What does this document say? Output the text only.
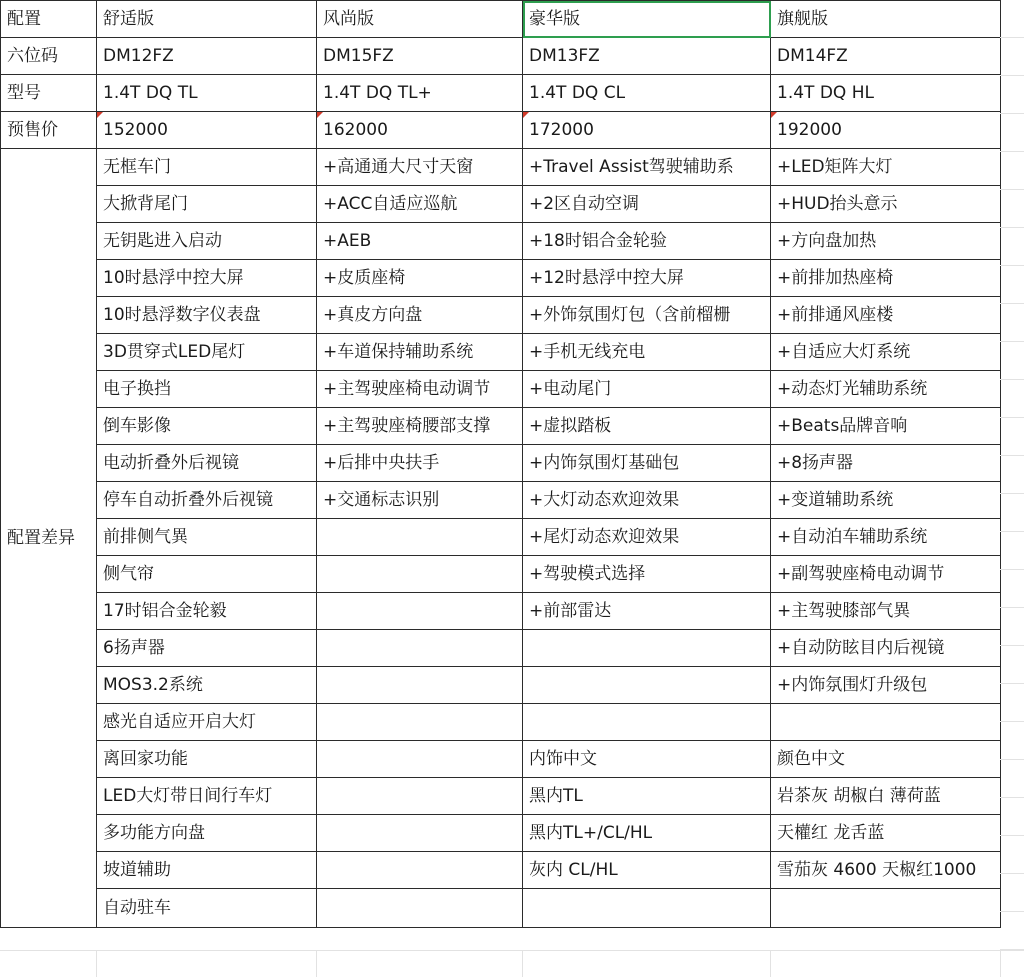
配置	舒适版	风尚版	豪华版	旗舰版
六位码	DM12FZ	DM15FZ	DM13FZ	DM14FZ
型号	1.4T DQ TL	1.4T DQ TL+	1.4T DQ CL	1.4T DQ HL
预售价	152000	162000	172000	192000
配置差异	无框车门	+高通通大尺寸天窗	+Travel Assist驾驶辅助系	+LED矩阵大灯
	大掀背尾门	+ACC自适应巡航	+2区自动空调	+HUD抬头意示
	无钥匙进入启动	+AEB	+18时铝合金轮验	+方向盘加热
	10时悬浮中控大屏	+皮质座椅	+12时悬浮中控大屏	+前排加热座椅
	10时悬浮数字仪表盘	+真皮方向盘	+外饰氛围灯包（含前榴栅	+前排通风座楼
	3D贯穿式LED尾灯	+车道保持辅助系统	+手机无线充电	+自适应大灯系统
	电子换挡	+主驾驶座椅电动调节	+电动尾门	+动态灯光辅助系统
	倒车影像	+主驾驶座椅腰部支撑	+虚拟踏板	+Beats品牌音响
	电动折叠外后视镜	+后排中央扶手	+内饰氛围灯基础包	+8扬声器
	停车自动折叠外后视镜	+交通标志识别	+大灯动态欢迎效果	+变道辅助系统
	前排侧气異		+尾灯动态欢迎效果	+自动泊车辅助系统
	侧气帘		+驾驶模式选择	+副驾驶座椅电动调节
	17时铝合金轮毅		+前部雷达	+主驾驶膝部气異
	6扬声器			+自动防眩目内后视镜
	MOS3.2系统			+内饰氛围灯升级包
	感光自适应开启大灯			
	离回家功能		内饰中文	颜色中文
	LED大灯带日间行车灯		黑内TL	岩茶灰 胡椒白 薄荷蓝
	多功能方向盘		黑内TL+/CL/HL	天權红 龙舌蓝
	坡道辅助		灰内 CL/HL	雪茄灰 4600 天椒红1000
	自动驻车			
